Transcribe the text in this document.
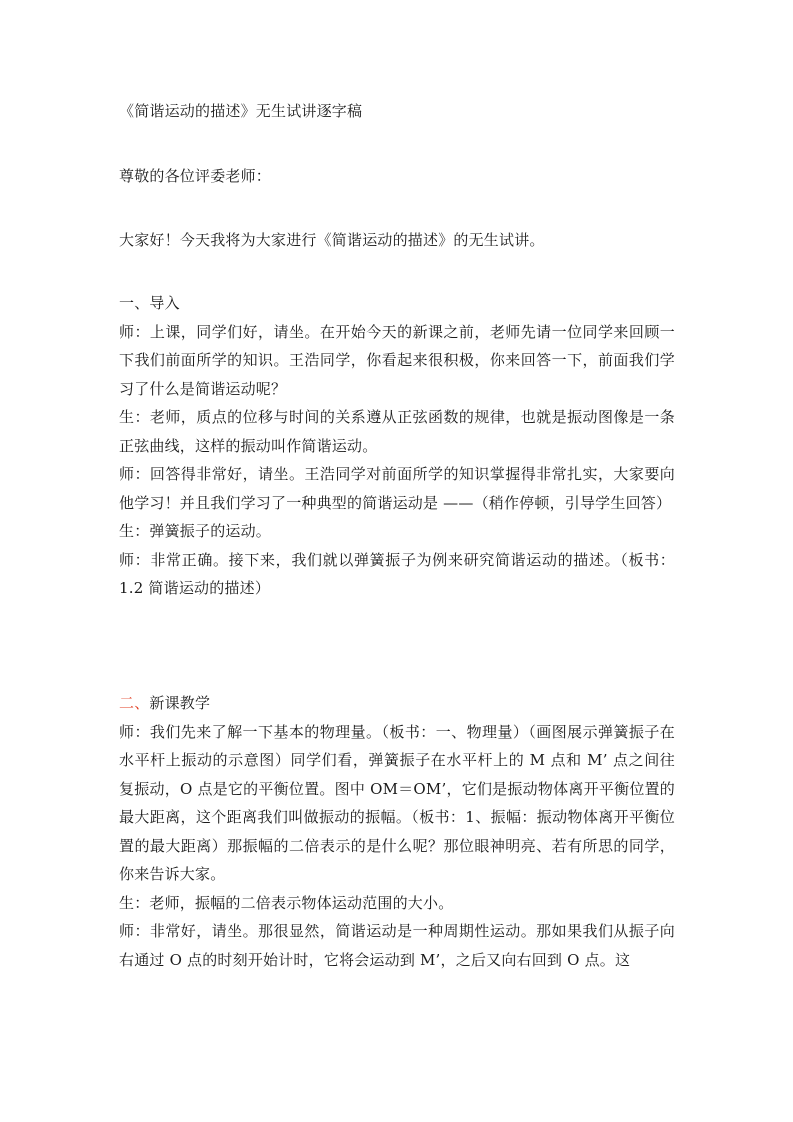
《简谐运动的描述》无生试讲逐字稿

尊敬的各位评委老师：

大家好！今天我将为大家进行《简谐运动的描述》的无生试讲。

一、导入
师：上课，同学们好，请坐。在开始今天的新课之前，老师先请一位同学来回顾一下我们前面所学的知识。王浩同学，你看起来很积极，你来回答一下，前面我们学习了什么是简谐运动呢？
生：老师，质点的位移与时间的关系遵从正弦函数的规律，也就是振动图像是一条正弦曲线，这样的振动叫作简谐运动。
师：回答得非常好，请坐。王浩同学对前面所学的知识掌握得非常扎实，大家要向他学习！并且我们学习了一种典型的简谐运动是 ——（稍作停顿，引导学生回答）
生：弹簧振子的运动。
师：非常正确。接下来，我们就以弹簧振子为例来研究简谐运动的描述。（板书：1.2 简谐运动的描述）
二、新课教学
师：我们先来了解一下基本的物理量。（板书：一、物理量）（画图展示弹簧振子在水平杆上振动的示意图）同学们看，弹簧振子在水平杆上的 M 点和 M’ 点之间往复振动，O 点是它的平衡位置。图中 OM＝OM’，它们是振动物体离开平衡位置的最大距离，这个距离我们叫做振动的振幅。（板书：1、振幅：振动物体离开平衡位置的最大距离）那振幅的二倍表示的是什么呢？那位眼神明亮、若有所思的同学，你来告诉大家。
生：老师，振幅的二倍表示物体运动范围的大小。
师：非常好，请坐。那很显然，简谐运动是一种周期性运动。那如果我们从振子向右通过 O 点的时刻开始计时，它将会运动到 M’，之后又向右回到 O 点。这
